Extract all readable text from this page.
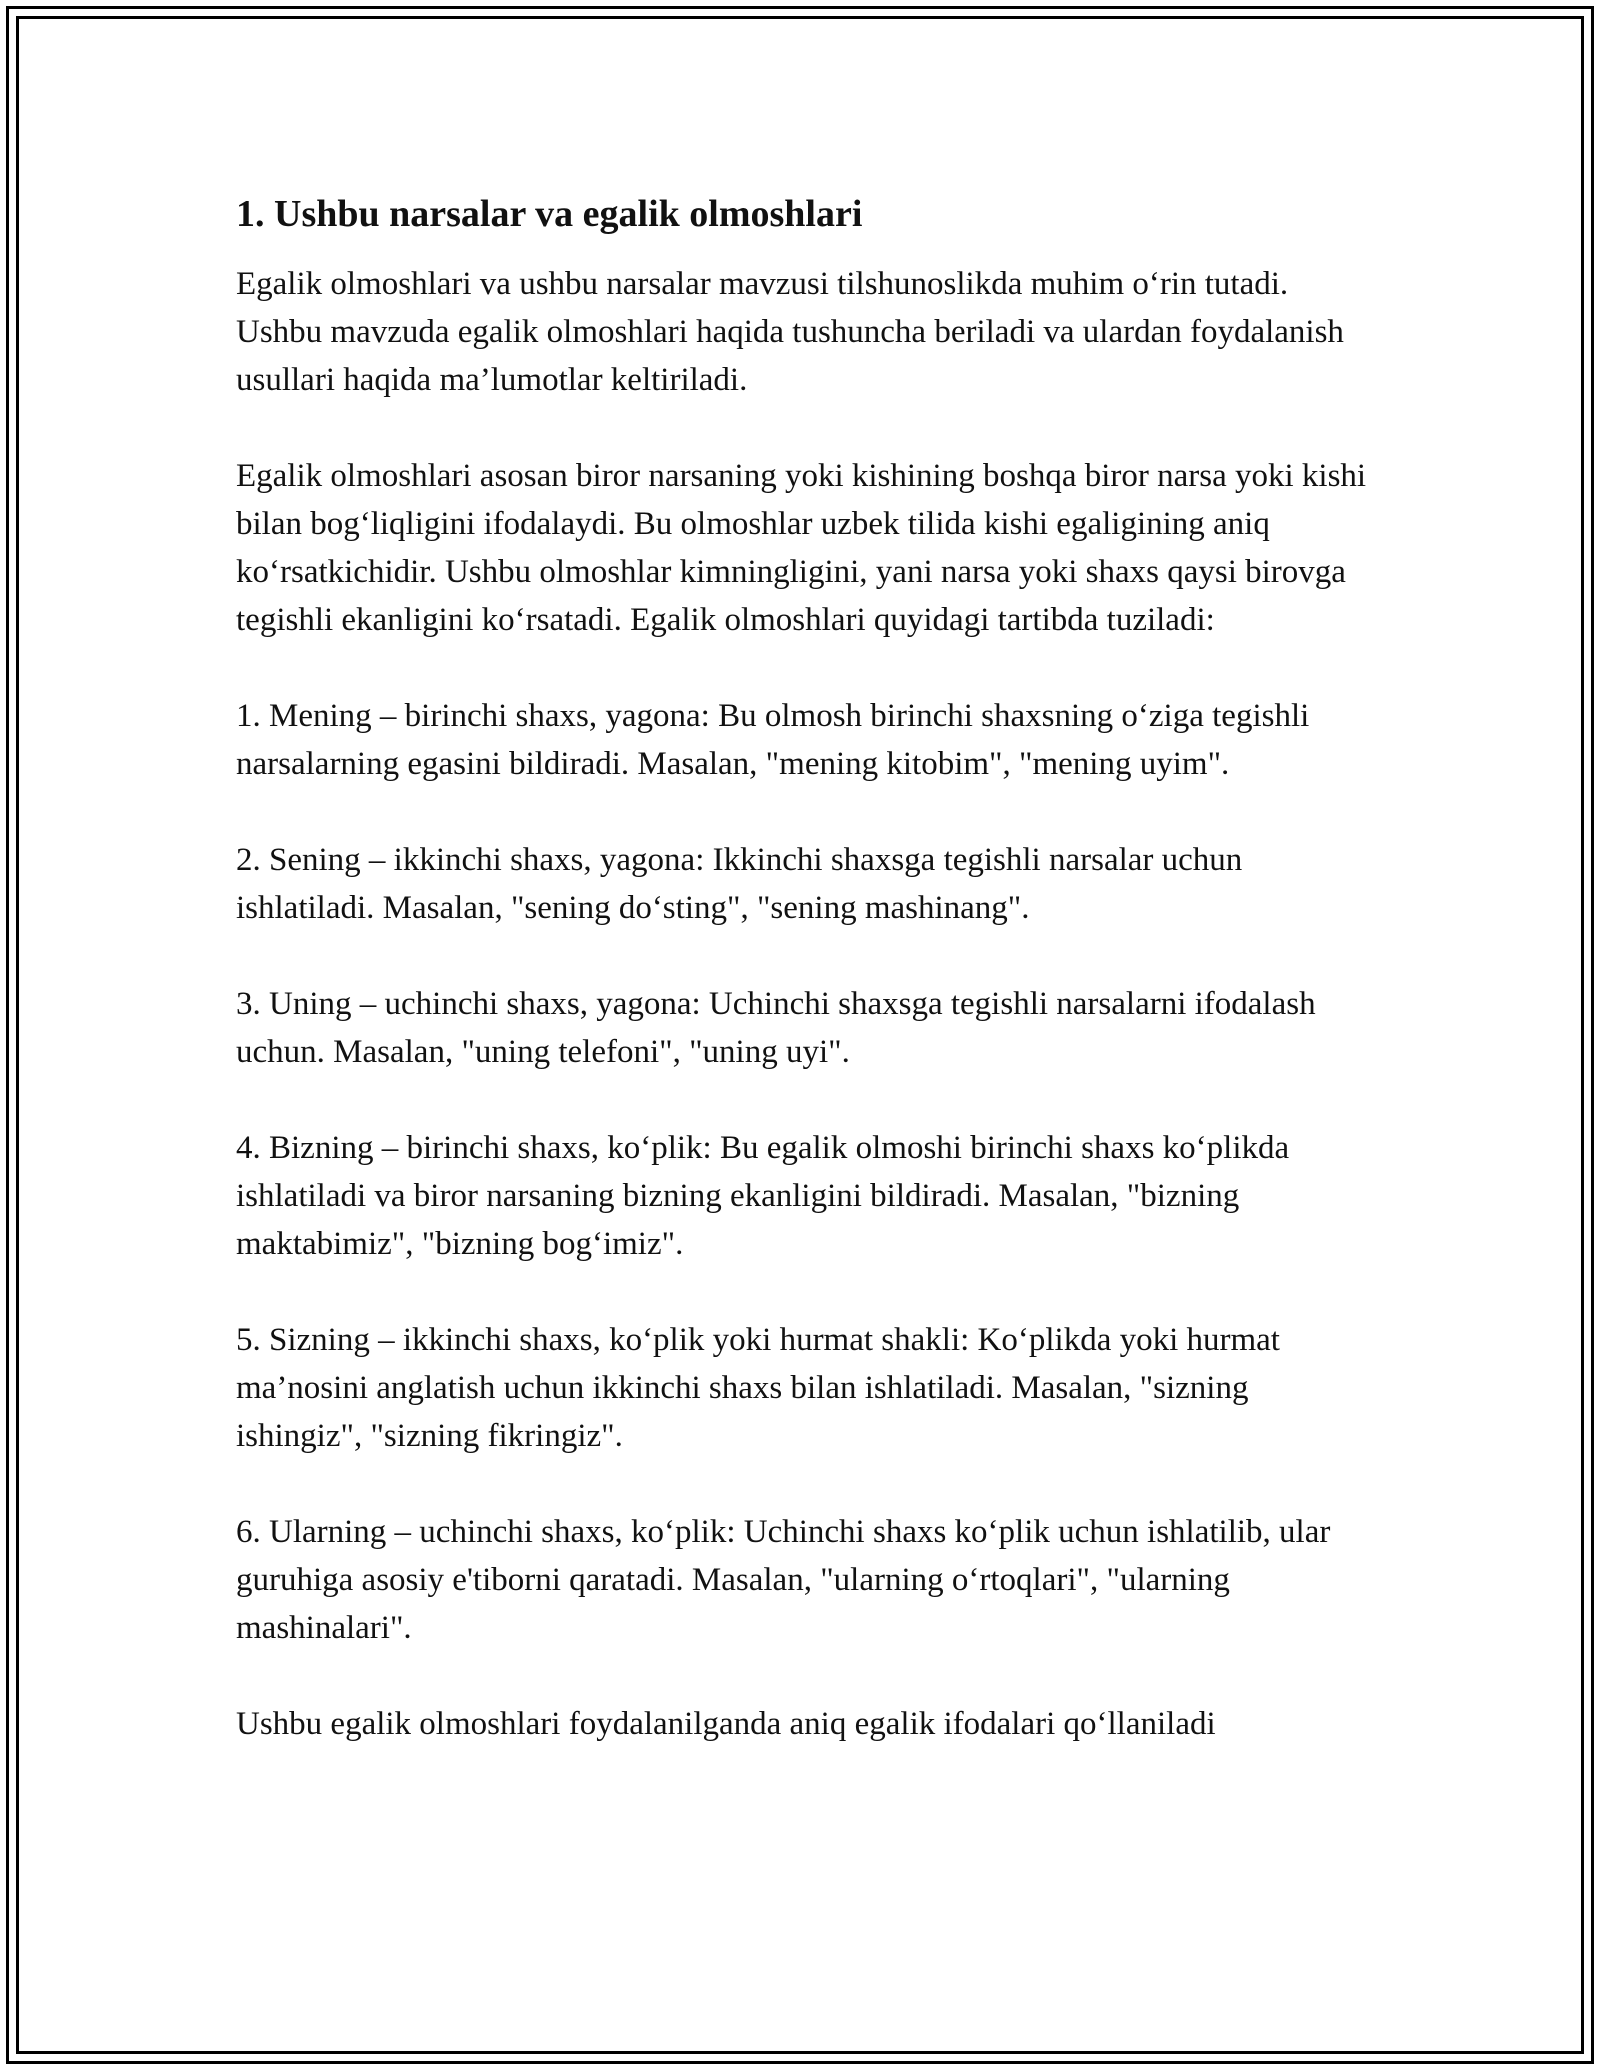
1. Ushbu narsalar va egalik olmoshlari

Egalik olmoshlari va ushbu narsalar mavzusi tilshunoslikda muhim o‘rin tutadi. Ushbu mavzuda egalik olmoshlari haqida tushuncha beriladi va ulardan foydalanish usullari haqida ma’lumotlar keltiriladi.

Egalik olmoshlari asosan biror narsaning yoki kishining boshqa biror narsa yoki kishi bilan bog‘liqligini ifodalaydi. Bu olmoshlar uzbek tilida kishi egaligining aniq ko‘rsatkichidir. Ushbu olmoshlar kimningligini, yani narsa yoki shaxs qaysi birovga tegishli ekanligini ko‘rsatadi. Egalik olmoshlari quyidagi tartibda tuziladi:

1. Mening – birinchi shaxs, yagona: Bu olmosh birinchi shaxsning o‘ziga tegishli narsalarning egasini bildiradi. Masalan, "mening kitobim", "mening uyim".

2. Sening – ikkinchi shaxs, yagona: Ikkinchi shaxsga tegishli narsalar uchun ishlatiladi. Masalan, "sening do‘sting", "sening mashinang".

3. Uning – uchinchi shaxs, yagona: Uchinchi shaxsga tegishli narsalarni ifodalash uchun. Masalan, "uning telefoni", "uning uyi".

4. Bizning – birinchi shaxs, ko‘plik: Bu egalik olmoshi birinchi shaxs ko‘plikda ishlatiladi va biror narsaning bizning ekanligini bildiradi. Masalan, "bizning maktabimiz", "bizning bog‘imiz".

5. Sizning – ikkinchi shaxs, ko‘plik yoki hurmat shakli: Ko‘plikda yoki hurmat ma’nosini anglatish uchun ikkinchi shaxs bilan ishlatiladi. Masalan, "sizning ishingiz", "sizning fikringiz".

6. Ularning – uchinchi shaxs, ko‘plik: Uchinchi shaxs ko‘plik uchun ishlatilib, ular guruhiga asosiy e'tiborni qaratadi. Masalan, "ularning o‘rtoqlari", "ularning mashinalari".

Ushbu egalik olmoshlari foydalanilganda aniq egalik ifodalari qo‘llaniladi
